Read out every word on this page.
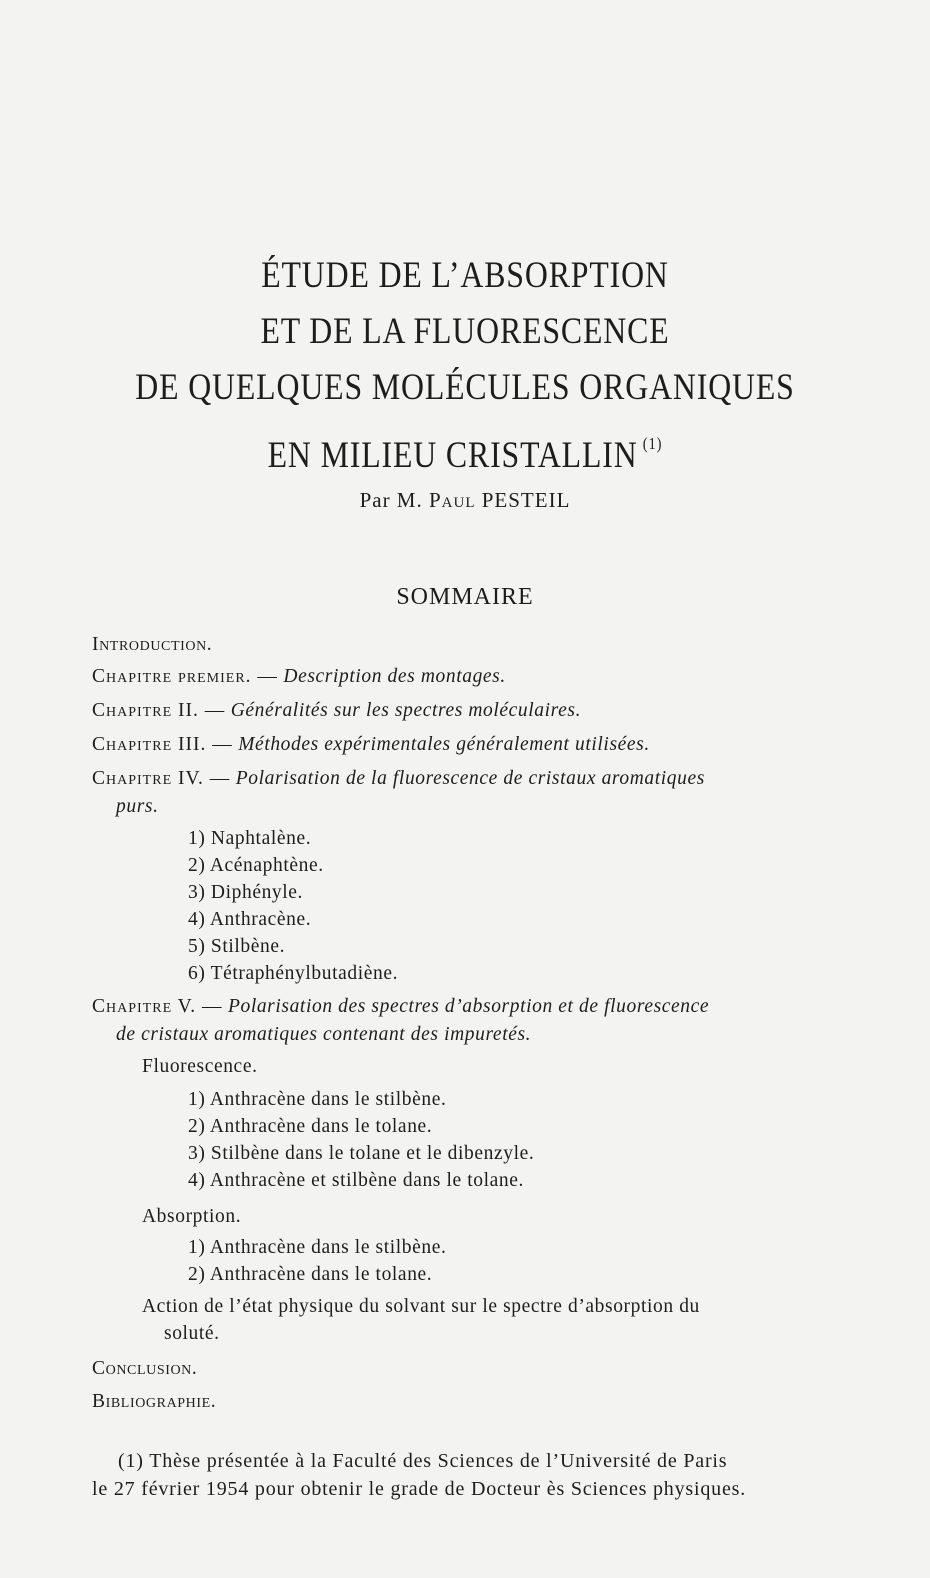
ÉTUDE DE L’ABSORPTION
ET DE LA FLUORESCENCE
DE QUELQUES MOLÉCULES ORGANIQUES
EN MILIEU CRISTALLIN $^{(1)}$
Par M. Paul PESTEIL
SOMMAIRE
Introduction.
Chapitre premier. — Description des montages.
Chapitre II. — Généralités sur les spectres moléculaires.
Chapitre III. — Méthodes expérimentales généralement utilisées.
Chapitre IV. — Polarisation de la fluorescence de cristaux aromatiques
purs.
1) Naphtalène.
2) Acénaphtène.
3) Diphényle.
4) Anthracène.
5) Stilbène.
6) Tétraphénylbutadiène.
Chapitre V. — Polarisation des spectres d’absorption et de fluorescence
de cristaux aromatiques contenant des impuretés.
Fluorescence.
1) Anthracène dans le stilbène.
2) Anthracène dans le tolane.
3) Stilbène dans le tolane et le dibenzyle.
4) Anthracène et stilbène dans le tolane.
Absorption.
1) Anthracène dans le stilbène.
2) Anthracène dans le tolane.
Action de l’état physique du solvant sur le spectre d’absorption du
soluté.
Conclusion.
Bibliographie.
(1) Thèse présentée à la Faculté des Sciences de l’Université de Paris
le 27 février 1954 pour obtenir le grade de Docteur ès Sciences physiques.
